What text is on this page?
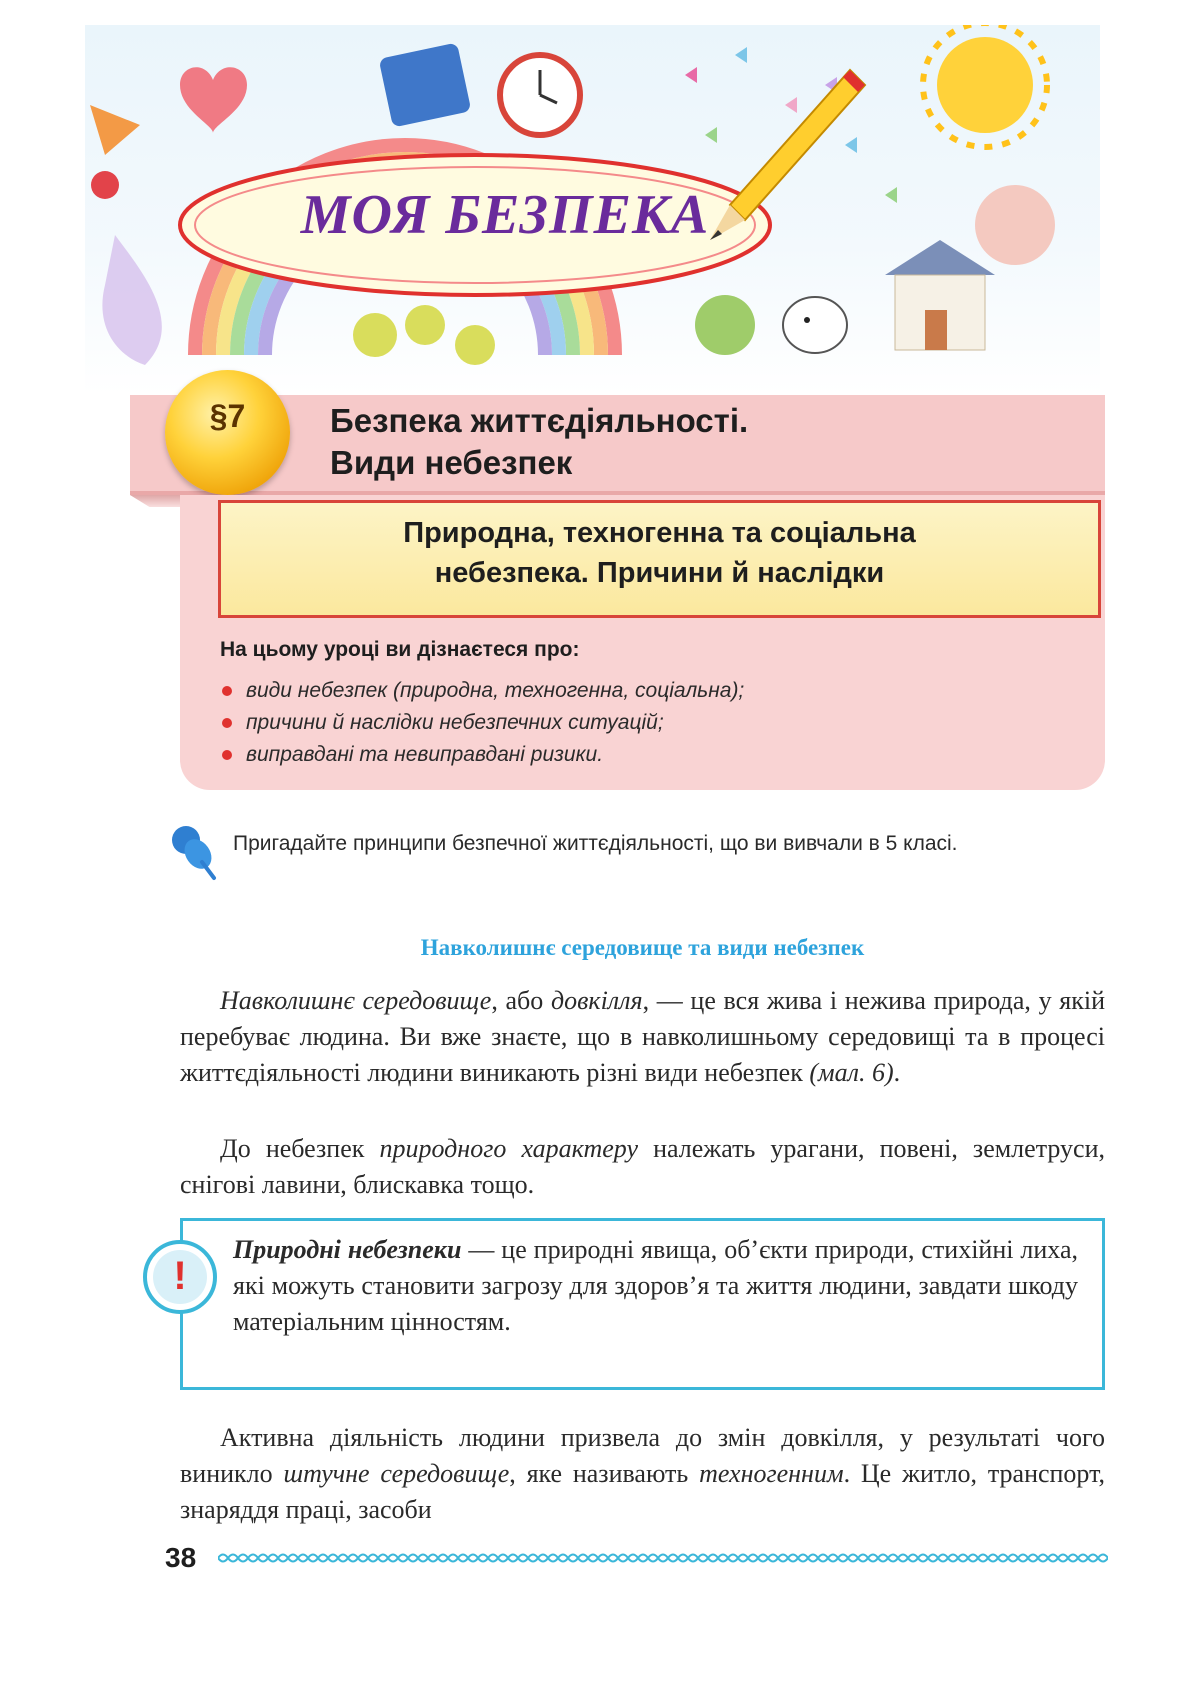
МОЯ БЕЗПЕКА
§7	Безпека життєдіяльності.
Види небезпек
Природна, техногенна та соціальна
небезпека. Причини й наслідки
На цьому уроці ви дізнаєтеся про:
види небезпек (природна, техногенна, соціальна);
причини й наслідки небезпечних ситуацій;
виправдані та невиправдані ризики.
Пригадайте принципи безпечної життєдіяльності, що ви вивчали в 5 класі.
Навколишнє середовище та види небезпек
Навколишнє середовище, або довкілля, — це вся жива і неживa природа, у якій перебуває людина. Ви вже знаєте, що в навколишньому середовищі та в процесі життєдіяльності людини виникають різні види небезпек (мал. 6).
До небезпек природного характеру належать урагани, повені, землетруси, снігові лавини, блискавка тощо.
!
Природні небезпеки — це природні явища, об’єкти природи, стихійні лиха, які можуть становити загрозу для здоров’я та життя людини, завдати шкоду матеріальним цінностям.
Активна діяльність людини призвела до змін довкілля, у результаті чого виникло штучне середовище, яке називають техногенним. Це житло, транспорт, знаряддя праці, засоби
38
